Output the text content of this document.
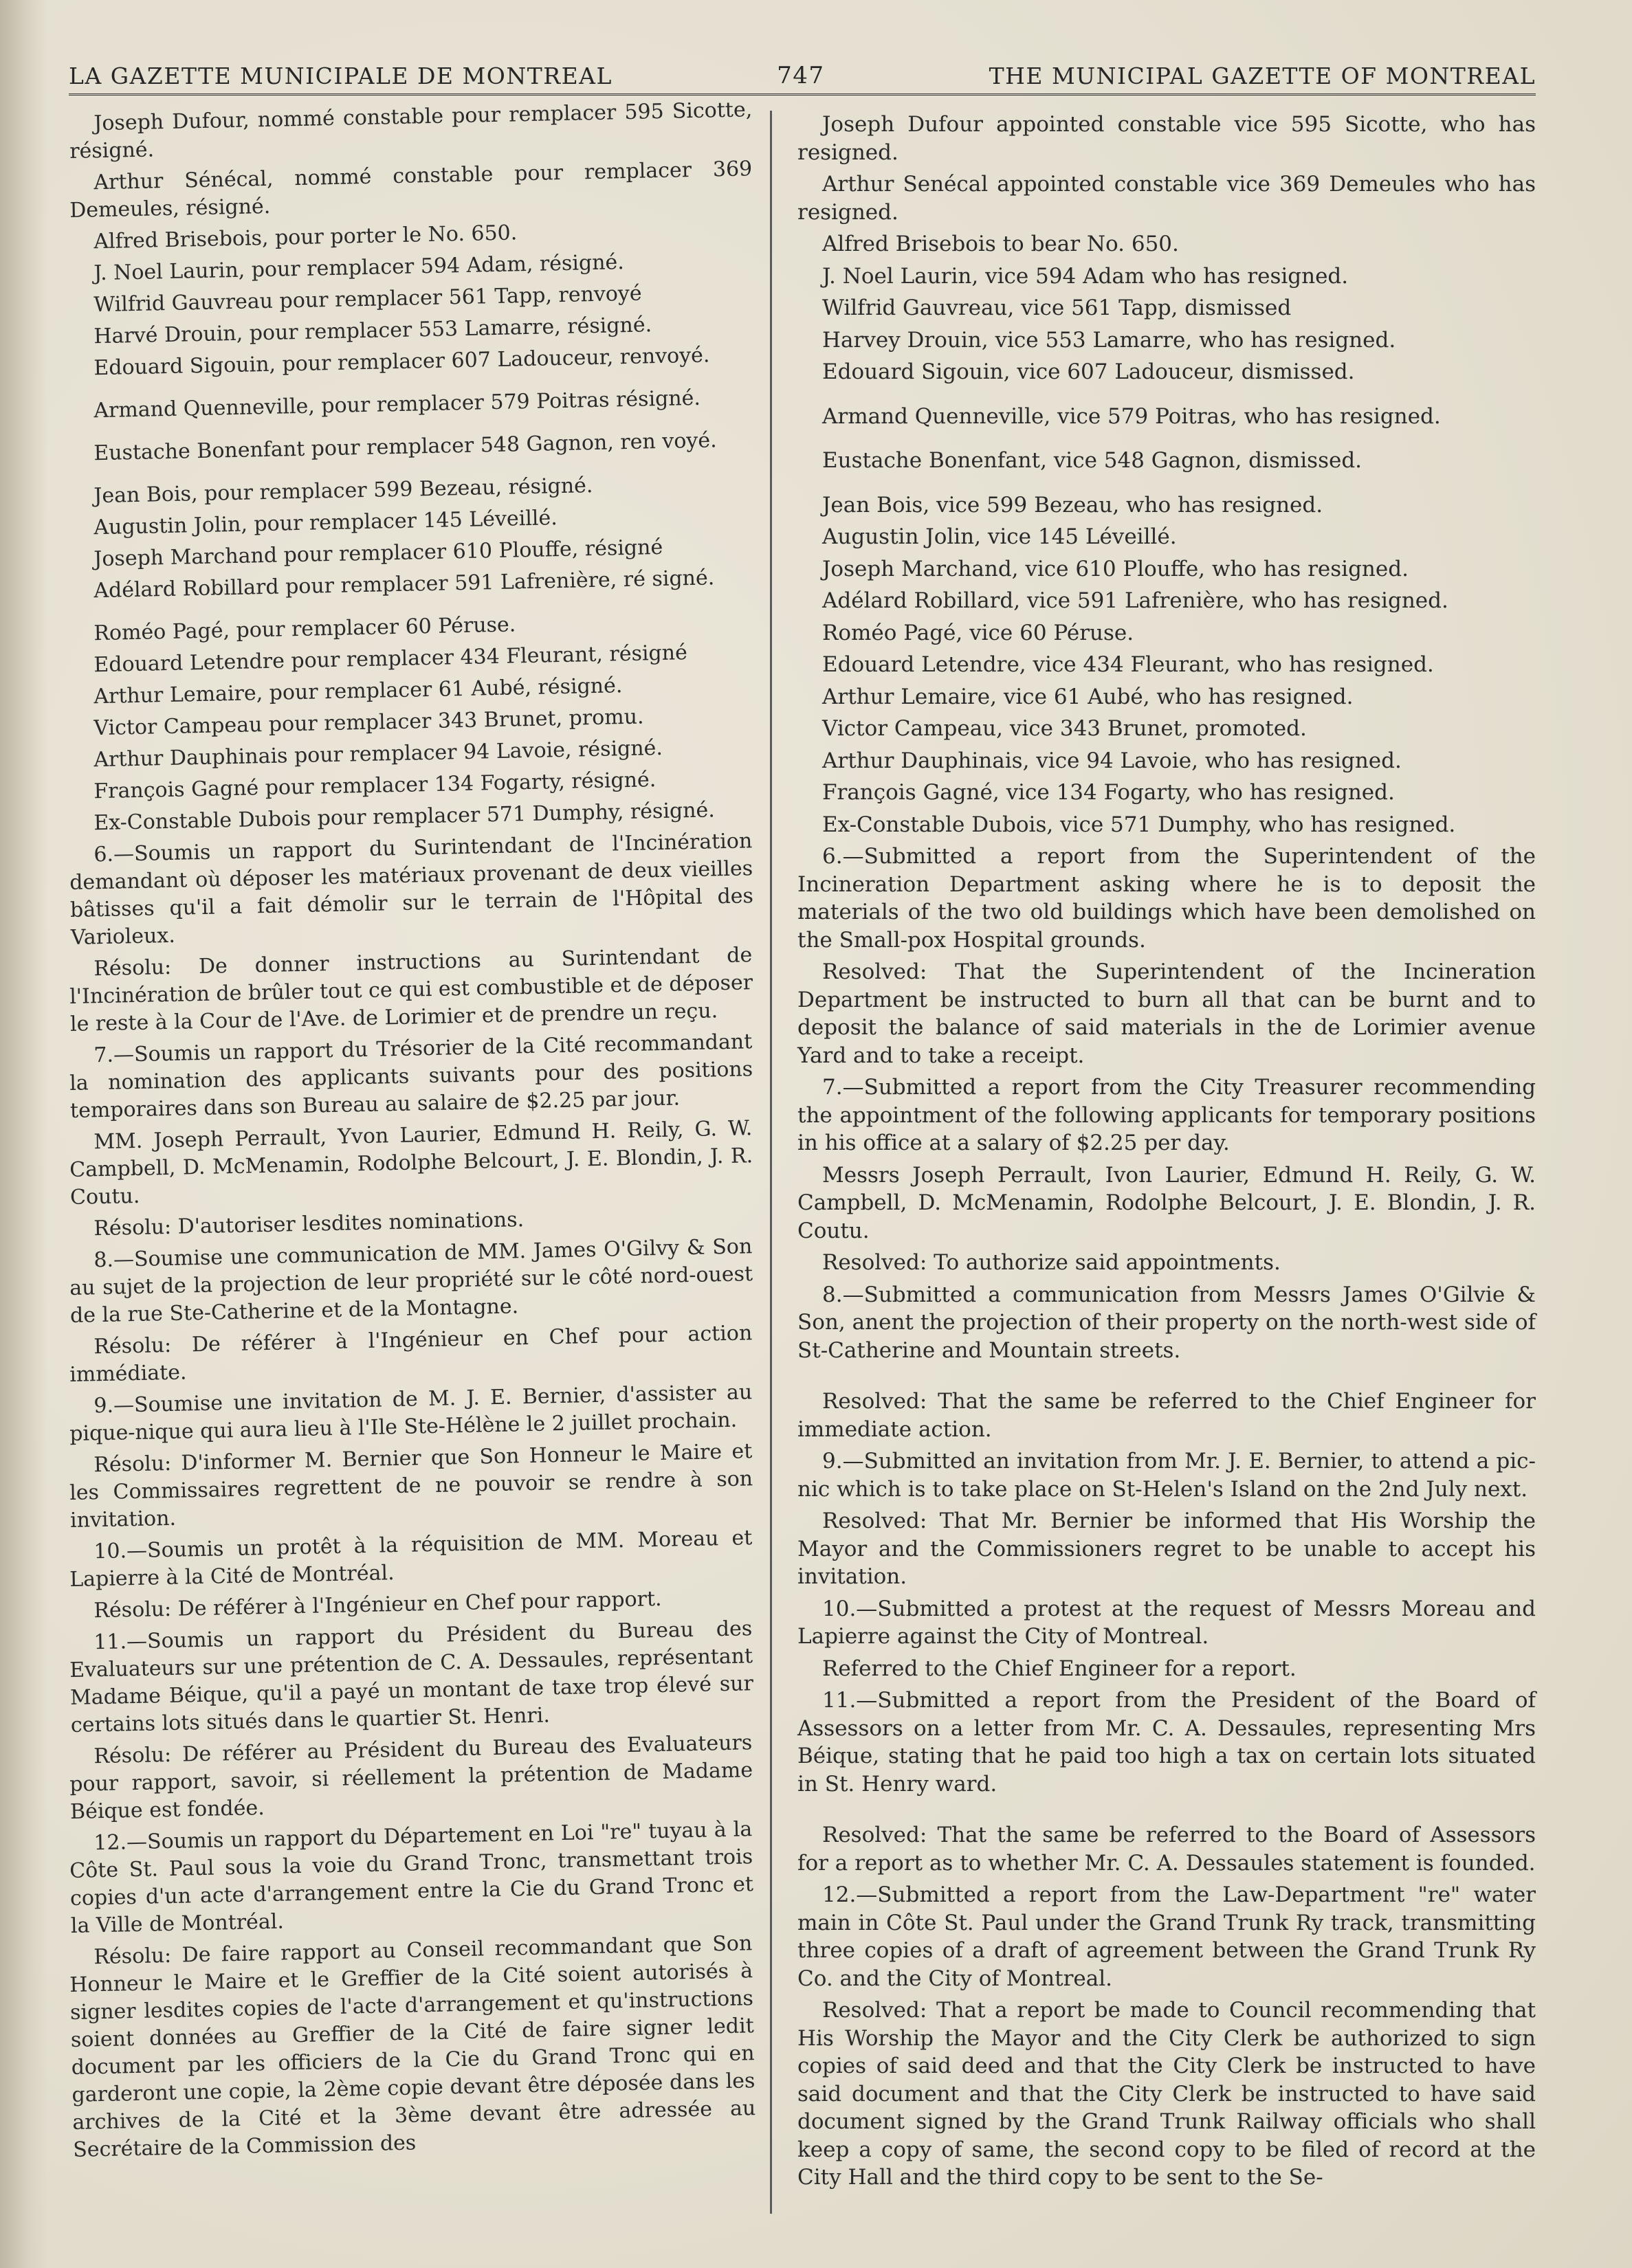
LA GAZETTE MUNICIPALE DE MONTREAL	747	THE MUNICIPAL GAZETTE OF MONTREAL

Joseph Dufour, nommé constable pour remplacer 595 Sicotte, résigné.

Arthur Sénécal, nommé constable pour remplacer 369 Demeules, résigné.

Alfred Brisebois, pour porter le No. 650.

J. Noel Laurin, pour remplacer 594 Adam, résigné.

Wilfrid Gauvreau pour remplacer 561 Tapp, renvoyé

Harvé Drouin, pour remplacer 553 Lamarre, résigné.

Edouard Sigouin, pour remplacer 607 Ladouceur, renvoyé.

Armand Quenneville, pour remplacer 579 Poitras résigné.

Eustache Bonenfant pour remplacer 548 Gagnon, ren voyé.

Jean Bois, pour remplacer 599 Bezeau, résigné.

Augustin Jolin, pour remplacer 145 Léveillé.

Joseph Marchand pour remplacer 610 Plouffe, résigné

Adélard Robillard pour remplacer 591 Lafrenière, ré signé.

Roméo Pagé, pour remplacer 60 Péruse.

Edouard Letendre pour remplacer 434 Fleurant, résigné

Arthur Lemaire, pour remplacer 61 Aubé, résigné.

Victor Campeau pour remplacer 343 Brunet, promu.

Arthur Dauphinais pour remplacer 94 Lavoie, résigné.

François Gagné pour remplacer 134 Fogarty, résigné.

Ex-Constable Dubois pour remplacer 571 Dumphy, résigné.

6.—Soumis un rapport du Surintendant de l'Incinération demandant où déposer les matériaux provenant de deux vieilles bâtisses qu'il a fait démolir sur le terrain de l'Hôpital des Varioleux.

Résolu: De donner instructions au Surintendant de l'Incinération de brûler tout ce qui est combustible et de déposer le reste à la Cour de l'Ave. de Lorimier et de prendre un reçu.

7.—Soumis un rapport du Trésorier de la Cité recommandant la nomination des applicants suivants pour des positions temporaires dans son Bureau au salaire de $2.25 par jour.

MM. Joseph Perrault, Yvon Laurier, Edmund H. Reily, G. W. Campbell, D. McMenamin, Rodolphe Belcourt, J. E. Blondin, J. R. Coutu.

Résolu: D'autoriser lesdites nominations.

8.—Soumise une communication de MM. James O'Gilvy & Son au sujet de la projection de leur propriété sur le côté nord-ouest de la rue Ste-Catherine et de la Montagne.

Résolu: De référer à l'Ingénieur en Chef pour action immédiate.

9.—Soumise une invitation de M. J. E. Bernier, d'assister au pique-nique qui aura lieu à l'Ile Ste-Hélène le 2 juillet prochain.

Résolu: D'informer M. Bernier que Son Honneur le Maire et les Commissaires regrettent de ne pouvoir se rendre à son invitation.

10.—Soumis un protêt à la réquisition de MM. Moreau et Lapierre à la Cité de Montréal.

Résolu: De référer à l'Ingénieur en Chef pour rapport.

11.—Soumis un rapport du Président du Bureau des Evaluateurs sur une prétention de C. A. Dessaules, représentant Madame Béique, qu'il a payé un montant de taxe trop élevé sur certains lots situés dans le quartier St. Henri.

Résolu: De référer au Président du Bureau des Evaluateurs pour rapport, savoir, si réellement la prétention de Madame Béique est fondée.

12.—Soumis un rapport du Département en Loi "re" tuyau à la Côte St. Paul sous la voie du Grand Tronc, transmettant trois copies d'un acte d'arrangement entre la Cie du Grand Tronc et la Ville de Montréal.

Résolu: De faire rapport au Conseil recommandant que Son Honneur le Maire et le Greffier de la Cité soient autorisés à signer lesdites copies de l'acte d'arrangement et qu'instructions soient données au Greffier de la Cité de faire signer ledit document par les officiers de la Cie du Grand Tronc qui en garderont une copie, la 2ème copie devant être déposée dans les archives de la Cité et la 3ème devant être adressée au Secrétaire de la Commission des

Joseph Dufour appointed constable vice 595 Sicotte, who has resigned.

Arthur Senécal appointed constable vice 369 Demeules who has resigned.

Alfred Brisebois to bear No. 650.

J. Noel Laurin, vice 594 Adam who has resigned.

Wilfrid Gauvreau, vice 561 Tapp, dismissed

Harvey Drouin, vice 553 Lamarre, who has resigned.

Edouard Sigouin, vice 607 Ladouceur, dismissed.

Armand Quenneville, vice 579 Poitras, who has resigned.

Eustache Bonenfant, vice 548 Gagnon, dismissed.

Jean Bois, vice 599 Bezeau, who has resigned.

Augustin Jolin, vice 145 Léveillé.

Joseph Marchand, vice 610 Plouffe, who has resigned.

Adélard Robillard, vice 591 Lafrenière, who has resigned.

Roméo Pagé, vice 60 Péruse.

Edouard Letendre, vice 434 Fleurant, who has resigned.

Arthur Lemaire, vice 61 Aubé, who has resigned.

Victor Campeau, vice 343 Brunet, promoted.

Arthur Dauphinais, vice 94 Lavoie, who has resigned.

François Gagné, vice 134 Fogarty, who has resigned.

Ex-Constable Dubois, vice 571 Dumphy, who has resigned.

6.—Submitted a report from the Superintendent of the Incineration Department asking where he is to deposit the materials of the two old buildings which have been demolished on the Small-pox Hospital grounds.

Resolved: That the Superintendent of the Incineration Department be instructed to burn all that can be burnt and to deposit the balance of said materials in the de Lorimier avenue Yard and to take a receipt.

7.—Submitted a report from the City Treasurer recommending the appointment of the following applicants for temporary positions in his office at a salary of $2.25 per day.

Messrs Joseph Perrault, Ivon Laurier, Edmund H. Reily, G. W. Campbell, D. McMenamin, Rodolphe Belcourt, J. E. Blondin, J. R. Coutu.

Resolved: To authorize said appointments.

8.—Submitted a communication from Messrs James O'Gilvie & Son, anent the projection of their property on the north-west side of St-Catherine and Mountain streets.

Resolved: That the same be referred to the Chief Engineer for immediate action.

9.—Submitted an invitation from Mr. J. E. Bernier, to attend a pic-nic which is to take place on St-Helen's Island on the 2nd July next.

Resolved: That Mr. Bernier be informed that His Worship the Mayor and the Commissioners regret to be unable to accept his invitation.

10.—Submitted a protest at the request of Messrs Moreau and Lapierre against the City of Montreal.

Referred to the Chief Engineer for a report.

11.—Submitted a report from the President of the Board of Assessors on a letter from Mr. C. A. Dessaules, representing Mrs Béique, stating that he paid too high a tax on certain lots situated in St. Henry ward.

Resolved: That the same be referred to the Board of Assessors for a report as to whether Mr. C. A. Dessaules statement is founded.

12.—Submitted a report from the Law-Department "re" water main in Côte St. Paul under the Grand Trunk Ry track, transmitting three copies of a draft of agreement between the Grand Trunk Ry Co. and the City of Montreal.

Resolved: That a report be made to Council recommending that His Worship the Mayor and the City Clerk be authorized to sign copies of said deed and that the City Clerk be instructed to have said document and that the City Clerk be instructed to have said document signed by the Grand Trunk Railway officials who shall keep a copy of same, the second copy to be filed of record at the City Hall and the third copy to be sent to the Se-
